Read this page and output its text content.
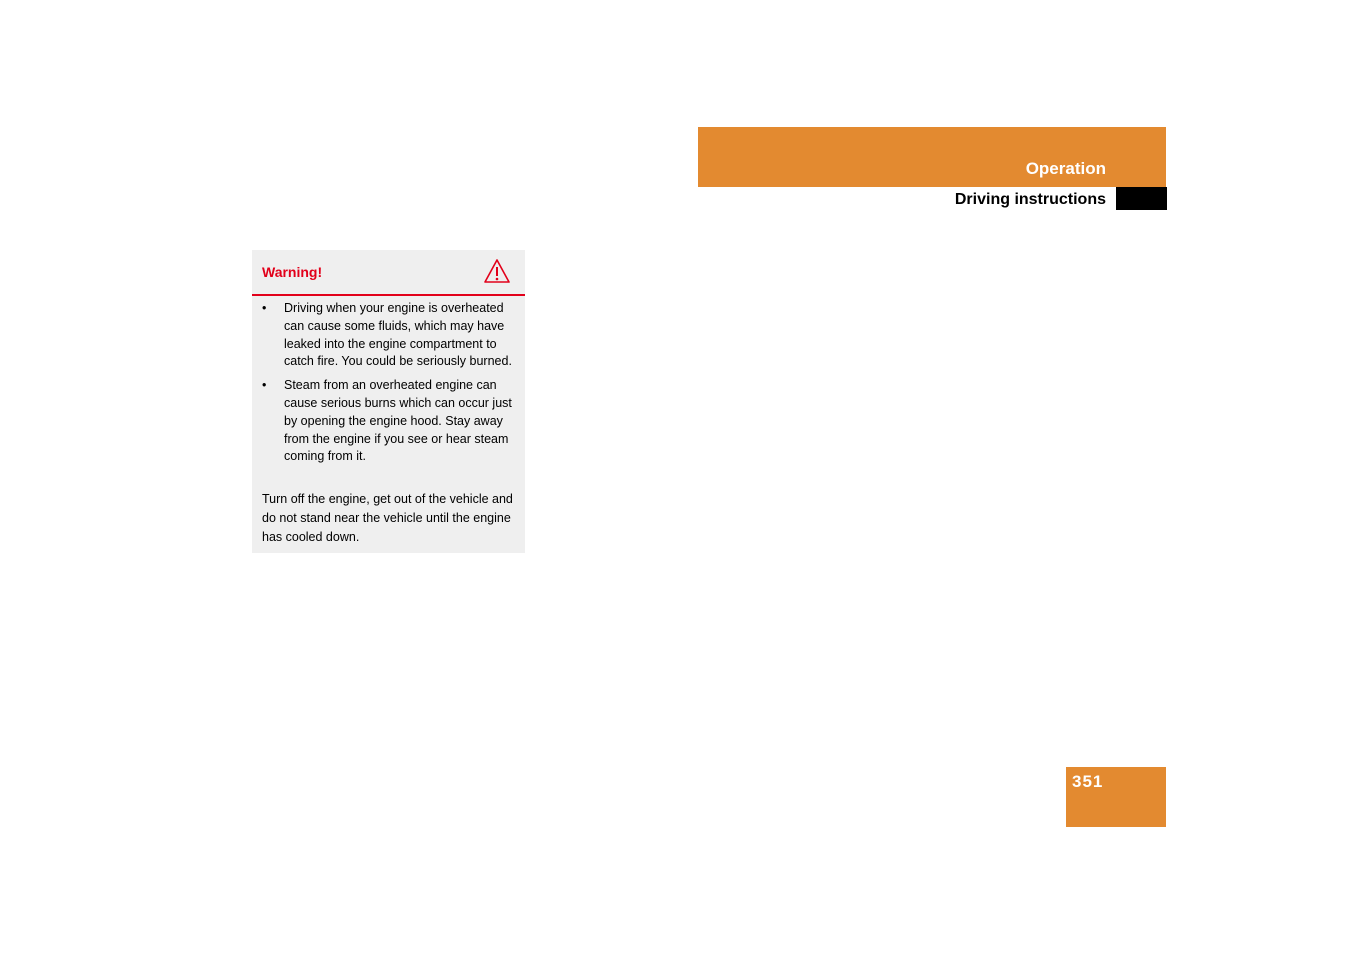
Operation
Driving instructions
Warning!
• Driving when your engine is overheated can cause some fluids, which may have leaked into the engine compartment to catch fire. You could be seriously burned.
• Steam from an overheated engine can cause serious burns which can occur just by opening the engine hood. Stay away from the engine if you see or hear steam coming from it.

Turn off the engine, get out of the vehicle and do not stand near the vehicle until the engine has cooled down.

351
